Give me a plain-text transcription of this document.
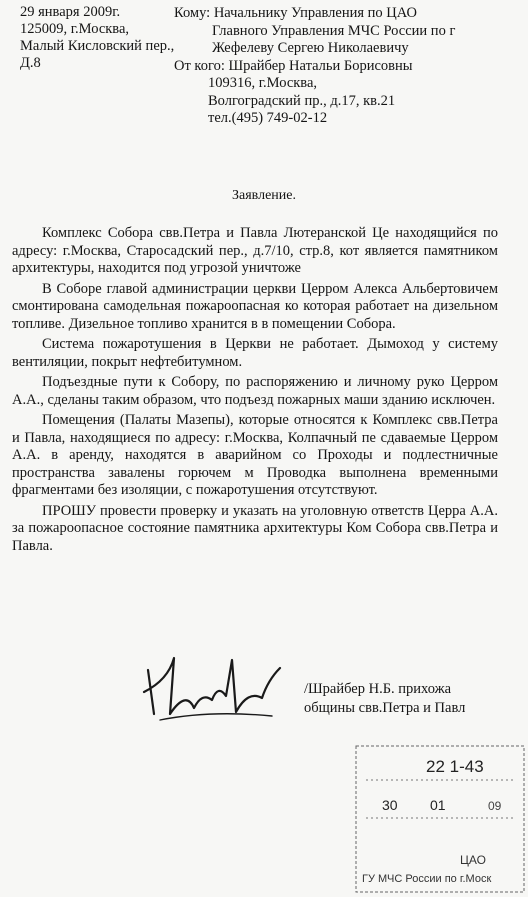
29 января 2009г.
125009, г.Москва,
Малый Кисловский пер.,
Д.8
Кому: Начальнику Управления по ЦАО
Главного Управления МЧС России по г
Жефелеву Сергею Николаевичу
От кого: Шрайбер Натальи Борисовны
109316, г.Москва,
Волгоградский пр., д.17, кв.21
тел.(495) 749-02-12
Заявление.

Комплекс Собора свв.Петра и Павла Лютеранской Це находящийся по адресу: г.Москва, Старосадский пер., д.7/10, стр.8, кот является памятником архитектуры, находится под угрозой уничтоже

В Соборе главой администрации церкви Церром Алекса Альбертовичем смонтирована самодельная пожароопасная ко которая работает на дизельном топливе. Дизельное топливо хранится в в помещении Собора.

Система пожаротушения в Церкви не работает. Дымоход у систему вентиляции, покрыт нефтебитумном.

Подъездные пути к Собору, по распоряжению и личному руко Церром А.А., сделаны таким образом, что подъезд пожарных маши зданию исключен.

Помещения (Палаты Мазепы), которые относятся к Комплекс свв.Петра и Павла, находящиеся по адресу: г.Москва, Колпачный пе сдаваемые Церром А.А. в аренду, находятся в аварийном со Проходы и подлестничные пространства завалены горючем м Проводка выполнена временными фрагментами без изоляции, с пожаротушения отсутствуют.

ПРОШУ провести проверку и указать на уголовную ответств Церра А.А. за пожароопасное состояние памятника архитектуры Ком Собора свв.Петра и Павла.

/Шрайбер Н.Б. прихожа
общины свв.Петра и Павл
22 1-43
30 01	09
ЦАО
ГУ МЧС России по г.Моск
